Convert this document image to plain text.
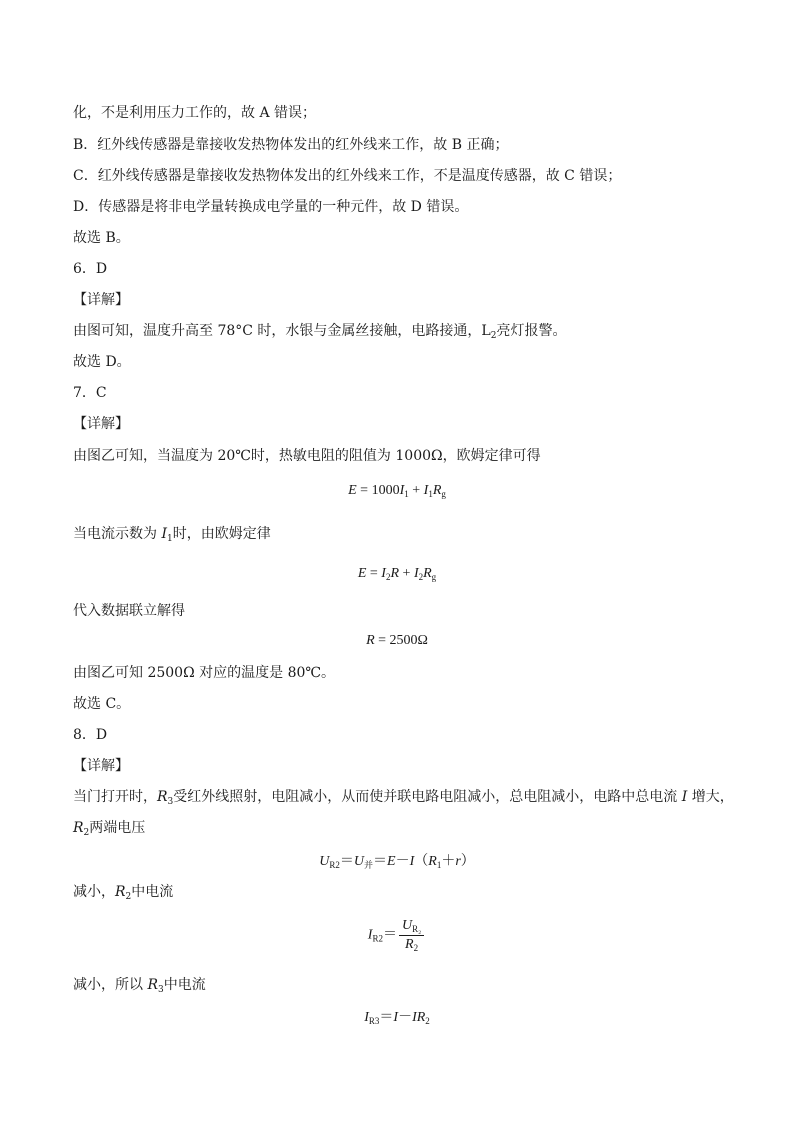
化，不是利用压力工作的，故 A 错误；
B．红外线传感器是靠接收发热物体发出的红外线来工作，故 B 正确；
C．红外线传感器是靠接收发热物体发出的红外线来工作，不是温度传感器，故 C 错误；
D．传感器是将非电学量转换成电学量的一种元件，故 D 错误。
故选 B。
6．D
【详解】
由图可知，温度升高至 78°C 时，水银与金属丝接触，电路接通，$L_2$亮灯报警。
故选 D。
7．C
【详解】
由图乙可知，当温度为 20℃时，热敏电阻的阻值为 1000Ω，欧姆定律可得
$E = 1000I_1 + I_1R_g$
当电流示数为 $I_1$时，由欧姆定律
$E = I_2R + I_2R_g$
代入数据联立解得
R = 2500Ω
由图乙可知 2500Ω 对应的温度是 80℃。
故选 C。
8．D
【详解】
当门打开时，$R_3$受红外线照射，电阻减小，从而使并联电路电阻减小，总电阻减小，电路中总电流 I 增大，
$R_2$两端电压
$U_{R2}=U_并=E-I(R_1+r)$
减小，$R_2$中电流
$I_{R2}= \frac{U_{R_2}}{R_2}$
减小，所以 $R_3$中电流
$I_{R3}=I-IR_2$
